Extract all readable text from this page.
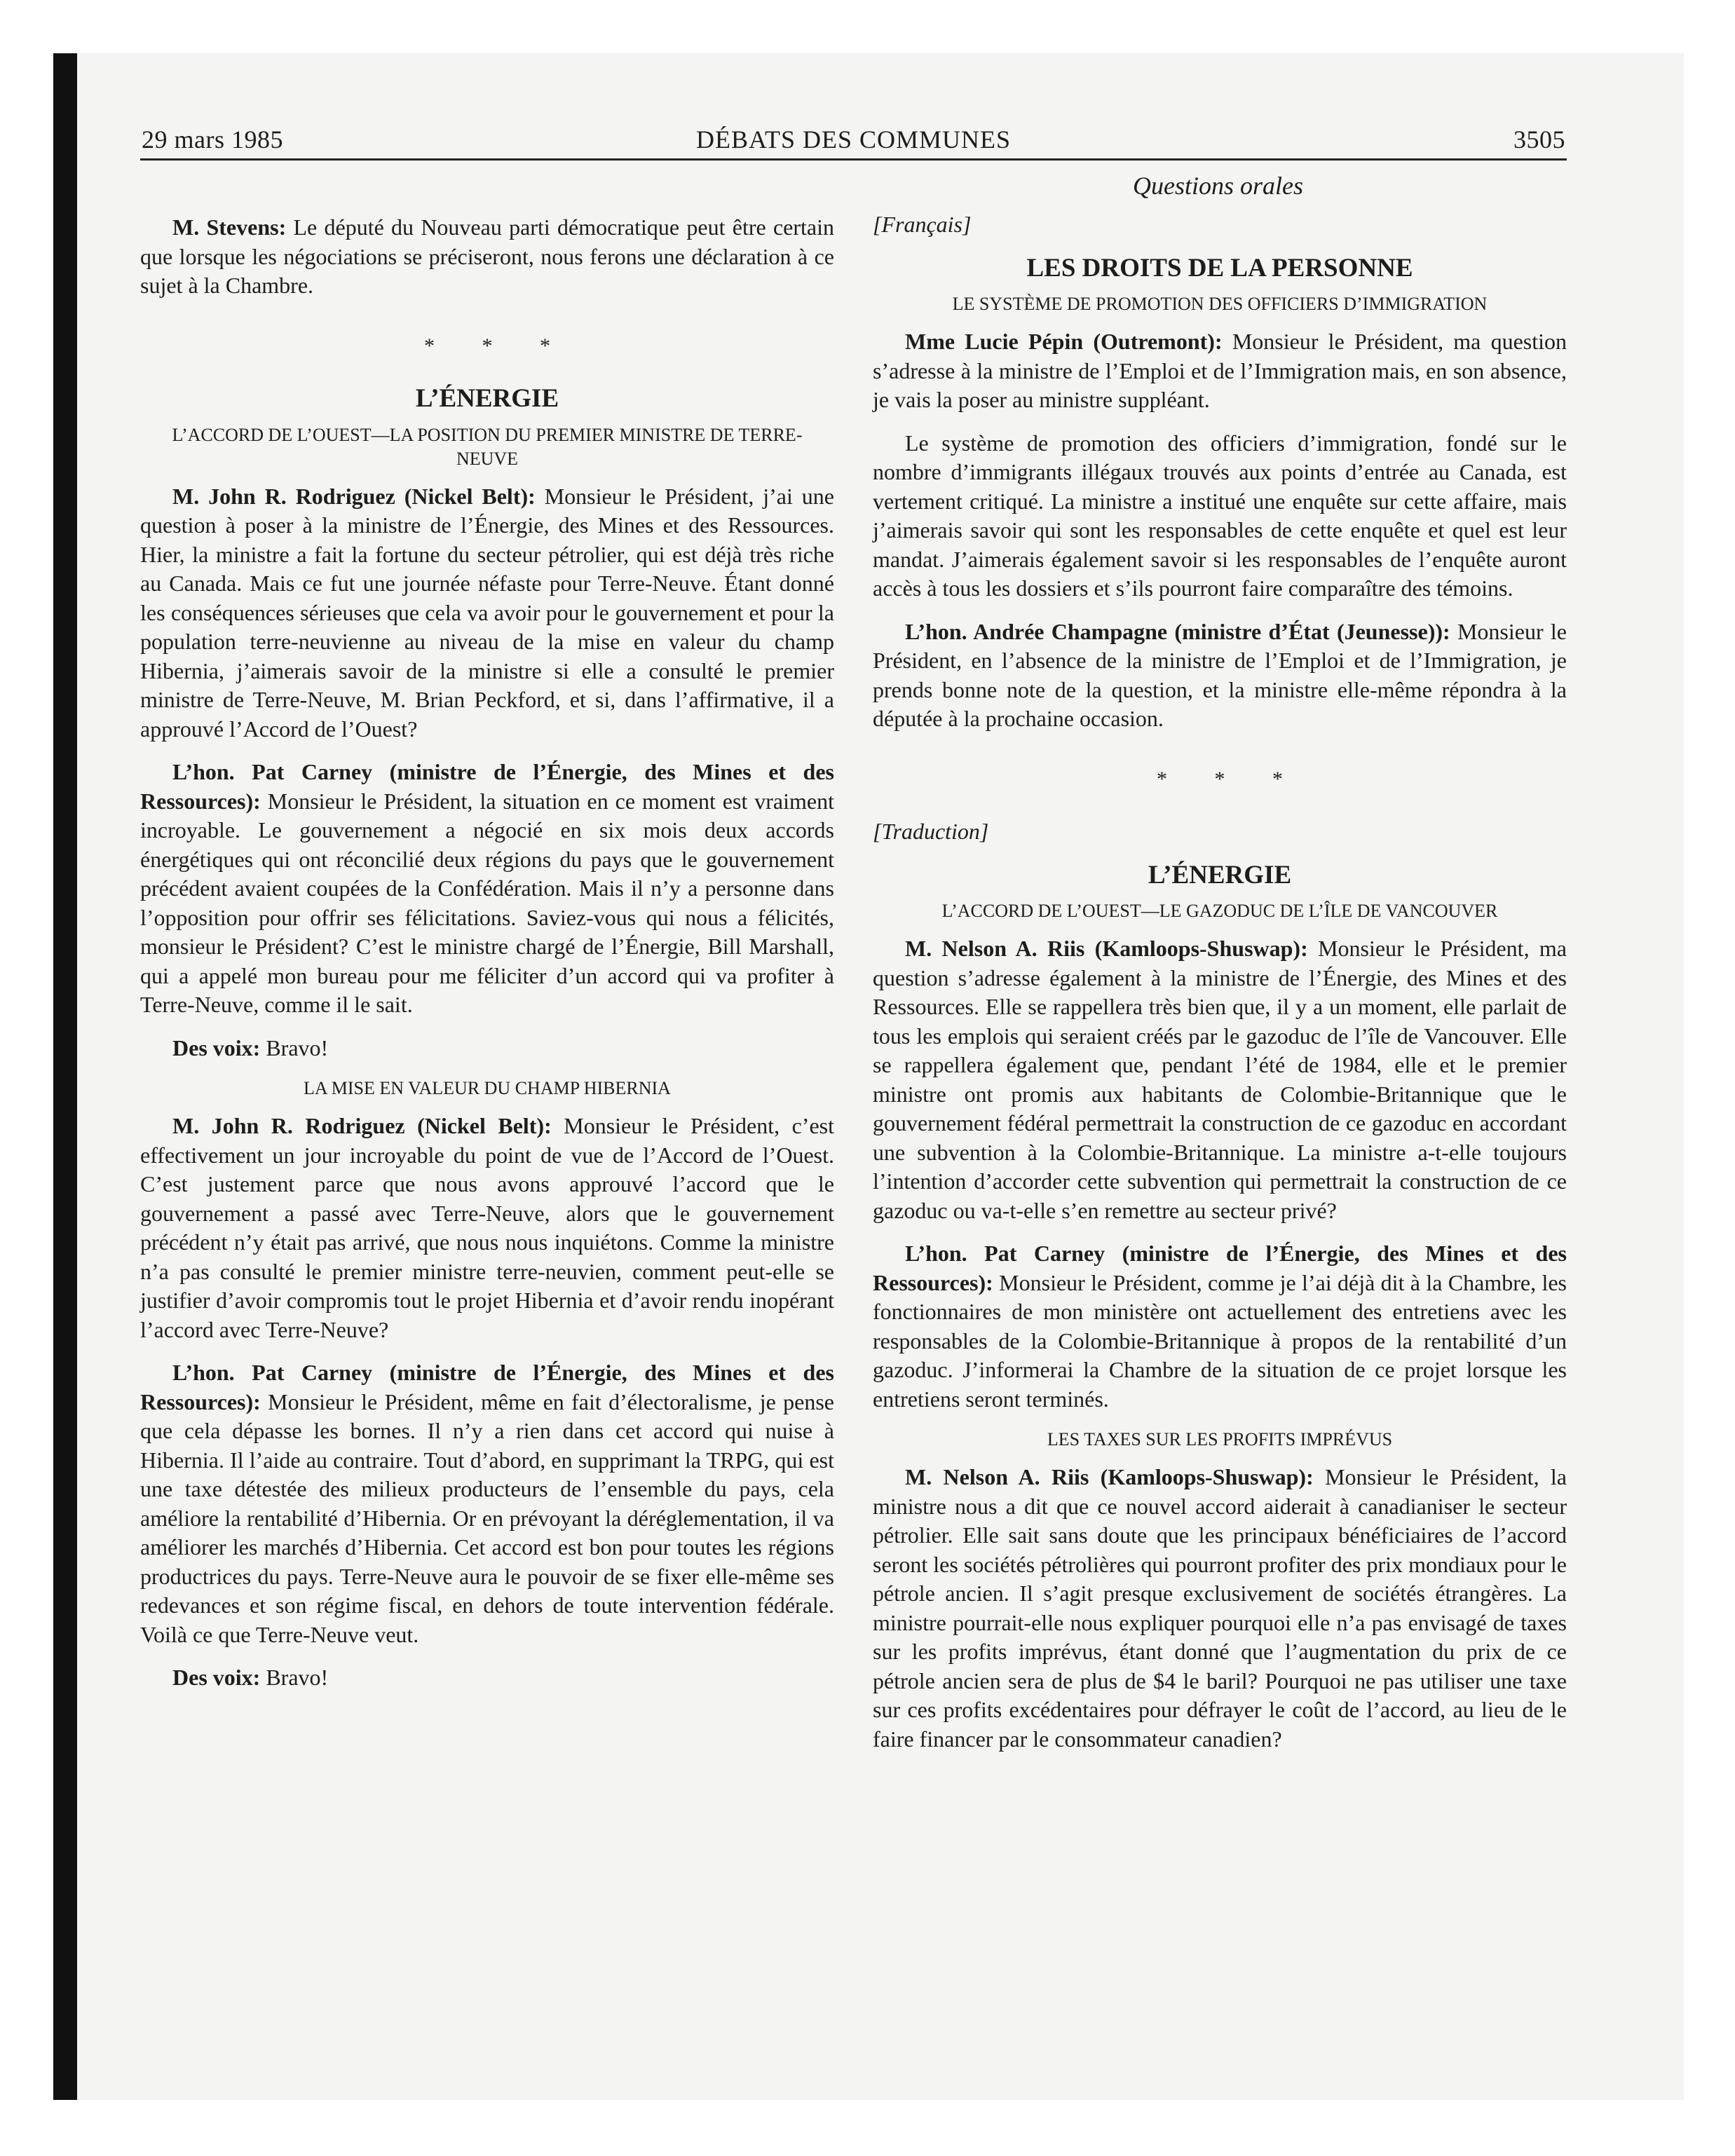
29 mars 1985	DÉBATS DES COMMUNES	3505
Questions orales

M. Stevens: Le député du Nouveau parti démocratique peut être certain que lorsque les négociations se préciseront, nous ferons une déclaration à ce sujet à la Chambre.

* * *
L’ÉNERGIE
L’ACCORD DE L’OUEST—LA POSITION DU PREMIER MINISTRE DE TERRE-NEUVE

M. John R. Rodriguez (Nickel Belt): Monsieur le Président, j’ai une question à poser à la ministre de l’Énergie, des Mines et des Ressources. Hier, la ministre a fait la fortune du secteur pétrolier, qui est déjà très riche au Canada. Mais ce fut une journée néfaste pour Terre-Neuve. Étant donné les conséquences sérieuses que cela va avoir pour le gouvernement et pour la population terre-neuvienne au niveau de la mise en valeur du champ Hibernia, j’aimerais savoir de la ministre si elle a consulté le premier ministre de Terre-Neuve, M. Brian Peckford, et si, dans l’affirmative, il a approuvé l’Accord de l’Ouest?

L’hon. Pat Carney (ministre de l’Énergie, des Mines et des Ressources): Monsieur le Président, la situation en ce moment est vraiment incroyable. Le gouvernement a négocié en six mois deux accords énergétiques qui ont réconcilié deux régions du pays que le gouvernement précédent avaient coupées de la Confédération. Mais il n’y a personne dans l’opposition pour offrir ses félicitations. Saviez-vous qui nous a félicités, monsieur le Président? C’est le ministre chargé de l’Énergie, Bill Marshall, qui a appelé mon bureau pour me féliciter d’un accord qui va profiter à Terre-Neuve, comme il le sait.

Des voix: Bravo!

LA MISE EN VALEUR DU CHAMP HIBERNIA

M. John R. Rodriguez (Nickel Belt): Monsieur le Président, c’est effectivement un jour incroyable du point de vue de l’Accord de l’Ouest. C’est justement parce que nous avons approuvé l’accord que le gouvernement a passé avec Terre-Neuve, alors que le gouvernement précédent n’y était pas arrivé, que nous nous inquiétons. Comme la ministre n’a pas consulté le premier ministre terre-neuvien, comment peut-elle se justifier d’avoir compromis tout le projet Hibernia et d’avoir rendu inopérant l’accord avec Terre-Neuve?

L’hon. Pat Carney (ministre de l’Énergie, des Mines et des Ressources): Monsieur le Président, même en fait d’électoralisme, je pense que cela dépasse les bornes. Il n’y a rien dans cet accord qui nuise à Hibernia. Il l’aide au contraire. Tout d’abord, en supprimant la TRPG, qui est une taxe détestée des milieux producteurs de l’ensemble du pays, cela améliore la rentabilité d’Hibernia. Or en prévoyant la déréglementation, il va améliorer les marchés d’Hibernia. Cet accord est bon pour toutes les régions productrices du pays. Terre-Neuve aura le pouvoir de se fixer elle-même ses redevances et son régime fiscal, en dehors de toute intervention fédérale. Voilà ce que Terre-Neuve veut.

Des voix: Bravo!

[Français]

LES DROITS DE LA PERSONNE
LE SYSTÈME DE PROMOTION DES OFFICIERS D’IMMIGRATION

Mme Lucie Pépin (Outremont): Monsieur le Président, ma question s’adresse à la ministre de l’Emploi et de l’Immigration mais, en son absence, je vais la poser au ministre suppléant.

Le système de promotion des officiers d’immigration, fondé sur le nombre d’immigrants illégaux trouvés aux points d’entrée au Canada, est vertement critiqué. La ministre a institué une enquête sur cette affaire, mais j’aimerais savoir qui sont les responsables de cette enquête et quel est leur mandat. J’aimerais également savoir si les responsables de l’enquête auront accès à tous les dossiers et s’ils pourront faire comparaître des témoins.

L’hon. Andrée Champagne (ministre d’État (Jeunesse)): Monsieur le Président, en l’absence de la ministre de l’Emploi et de l’Immigration, je prends bonne note de la question, et la ministre elle-même répondra à la députée à la prochaine occasion.

* * *

[Traduction]

L’ÉNERGIE
L’ACCORD DE L’OUEST—LE GAZODUC DE L’ÎLE DE VANCOUVER

M. Nelson A. Riis (Kamloops-Shuswap): Monsieur le Président, ma question s’adresse également à la ministre de l’Énergie, des Mines et des Ressources. Elle se rappellera très bien que, il y a un moment, elle parlait de tous les emplois qui seraient créés par le gazoduc de l’île de Vancouver. Elle se rappellera également que, pendant l’été de 1984, elle et le premier ministre ont promis aux habitants de Colombie-Britannique que le gouvernement fédéral permettrait la construction de ce gazoduc en accordant une subvention à la Colombie-Britannique. La ministre a-t-elle toujours l’intention d’accorder cette subvention qui permettrait la construction de ce gazoduc ou va-t-elle s’en remettre au secteur privé?

L’hon. Pat Carney (ministre de l’Énergie, des Mines et des Ressources): Monsieur le Président, comme je l’ai déjà dit à la Chambre, les fonctionnaires de mon ministère ont actuellement des entretiens avec les responsables de la Colombie-Britannique à propos de la rentabilité d’un gazoduc. J’informerai la Chambre de la situation de ce projet lorsque les entretiens seront terminés.

LES TAXES SUR LES PROFITS IMPRÉVUS

M. Nelson A. Riis (Kamloops-Shuswap): Monsieur le Président, la ministre nous a dit que ce nouvel accord aiderait à canadianiser le secteur pétrolier. Elle sait sans doute que les principaux bénéficiaires de l’accord seront les sociétés pétrolières qui pourront profiter des prix mondiaux pour le pétrole ancien. Il s’agit presque exclusivement de sociétés étrangères. La ministre pourrait-elle nous expliquer pourquoi elle n’a pas envisagé de taxes sur les profits imprévus, étant donné que l’augmentation du prix de ce pétrole ancien sera de plus de $4 le baril? Pourquoi ne pas utiliser une taxe sur ces profits excédentaires pour défrayer le coût de l’accord, au lieu de le faire financer par le consommateur canadien?
